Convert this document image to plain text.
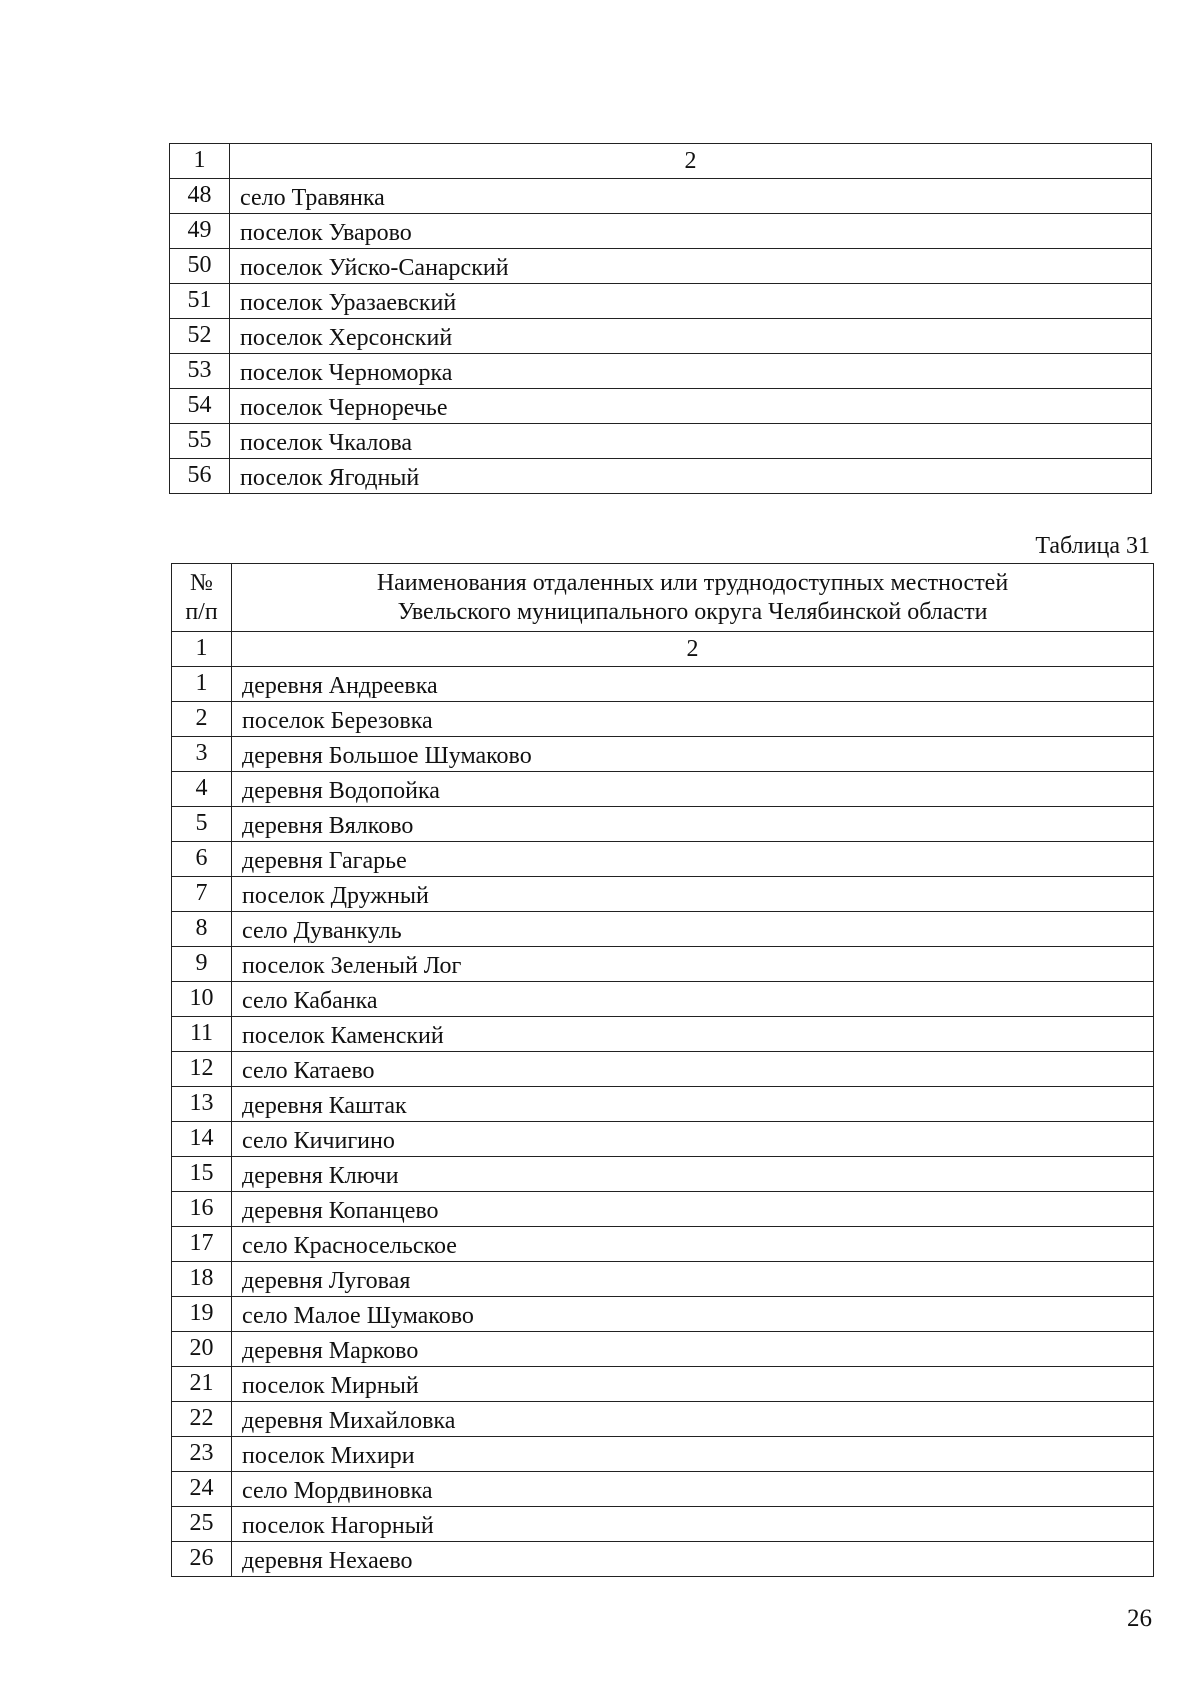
1	2
48	село Травянка
49	поселок Уварово
50	поселок Уйско-Санарский
51	поселок Уразаевский
52	поселок Херсонский
53	поселок Черноморка
54	поселок Черноречье
55	поселок Чкалова
56	поселок Ягодный
Таблица 31
№
п/п	Наименования отдаленных или труднодоступных местностей
Увельского муниципального округа Челябинской области
1	2
1	деревня Андреевка
2	поселок Березовка
3	деревня Большое Шумаково
4	деревня Водопойка
5	деревня Вялково
6	деревня Гагарье
7	поселок Дружный
8	село Дуванкуль
9	поселок Зеленый Лог
10	село Кабанка
11	поселок Каменский
12	село Катаево
13	деревня Каштак
14	село Кичигино
15	деревня Ключи
16	деревня Копанцево
17	село Красносельское
18	деревня Луговая
19	село Малое Шумаково
20	деревня Марково
21	поселок Мирный
22	деревня Михайловка
23	поселок Михири
24	село Мордвиновка
25	поселок Нагорный
26	деревня Нехаево
26
